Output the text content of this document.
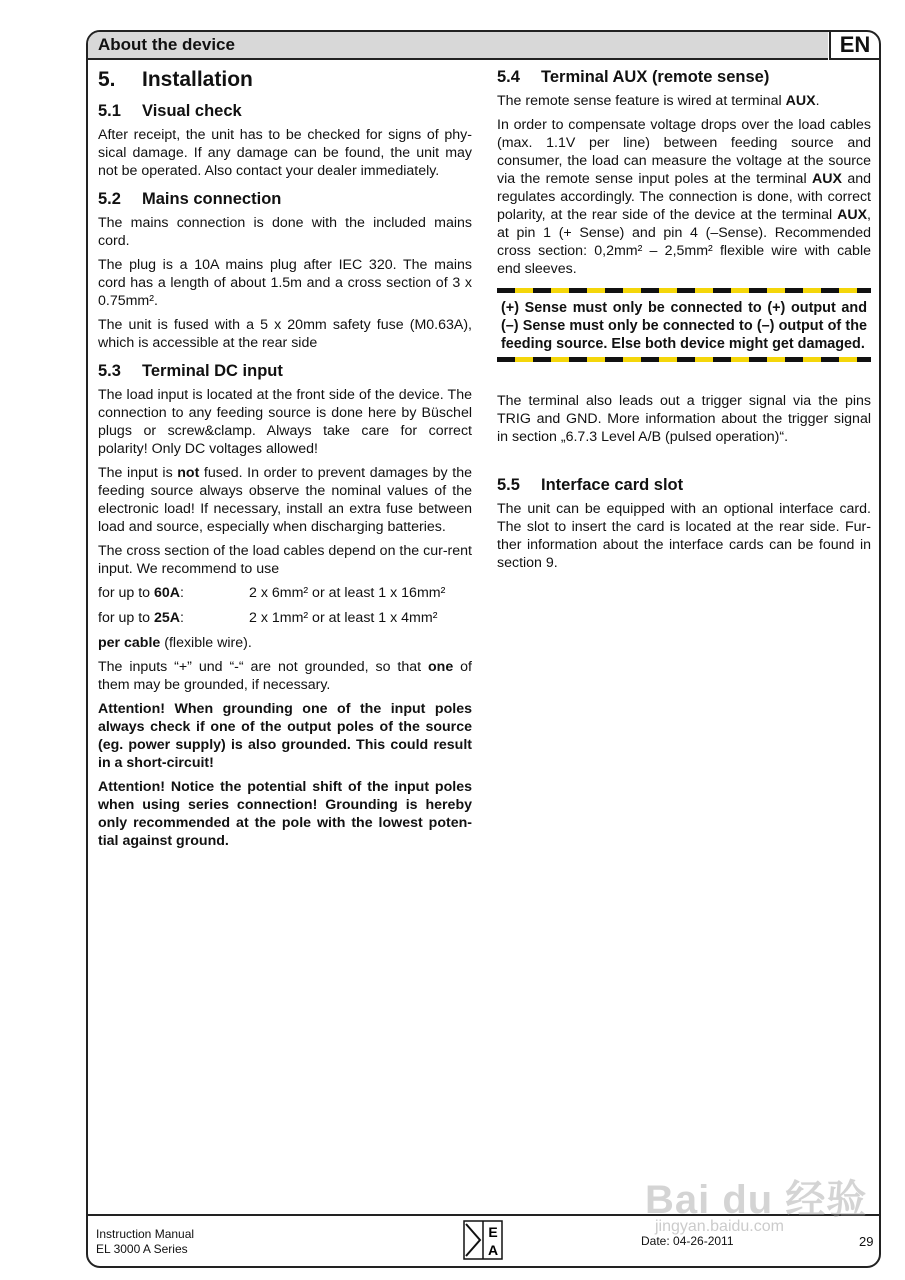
About the device	EN
5.	Installation
5.1	Visual check

After receipt, the unit has to be checked for signs of phy-sical damage. If any damage can be found, the unit may not be operated. Also contact your dealer immediately.

5.2	Mains connection

The mains connection is done with the included mains cord.

The plug is a 10A mains plug after IEC 320. The mains cord has a length of about 1.5m and a cross section of 3 x 0.75mm².

The unit is fused with a 5 x 20mm safety fuse (M0.63A), which is accessible at the rear side

5.3	Terminal DC input

The load input is located at the front side of the device. The connection to any feeding source is done here by Büschel plugs or screw&clamp. Always take care for correct polarity! Only DC voltages allowed!

The input is not fused. In order to prevent damages by the feeding source always observe the nominal values of the electronic load! If necessary, install an extra fuse between load and source, especially when discharging batteries.

The cross section of the load cables depend on the cur-rent input. We recommend to use

for up to 60A:	2 x 6mm² or at least 1 x 16mm²
for up to 25A:	2 x 1mm² or at least 1 x 4mm²

per cable (flexible wire).

The inputs “+” und “-“ are not grounded, so that one of them may be grounded, if necessary.

Attention! When grounding one of the input poles always check if one of the output poles of the source (eg. power supply) is also grounded. This could result in a short-circuit!

Attention! Notice the potential shift of the input poles when using series connection! Grounding is hereby only recommended at the pole with the lowest poten-tial against ground.

5.4	Terminal AUX (remote sense)

The remote sense feature is wired at terminal AUX.

In order to compensate voltage drops over the load cables (max. 1.1V per line) between feeding source and consumer, the load can measure the voltage at the source via the remote sense input poles at the terminal AUX and regulates accordingly. The connection is done, with correct polarity, at the rear side of the device at the terminal AUX, at pin 1 (+ Sense) and pin 4 (–Sense). Recommended cross section: 0,2mm² – 2,5mm² flexible wire with cable end sleeves.

(+) Sense must only be connected to (+) output and (–) Sense must only be connected to (–) output of the feeding source. Else both device might get damaged.

The terminal also leads out a trigger signal via the pins TRIG and GND. More information about the trigger signal in section „6.7.3 Level A/B (pulsed operation)“.

5.5	Interface card slot

The unit can be equipped with an optional interface card. The slot to insert the card is located at the rear side. Fur-ther information about the interface cards can be found in section 9.

Instruction Manual
EL 3000 A Series
E
A
Date: 04-26-2011	29
Bai du 经验
jingyan.baidu.com
